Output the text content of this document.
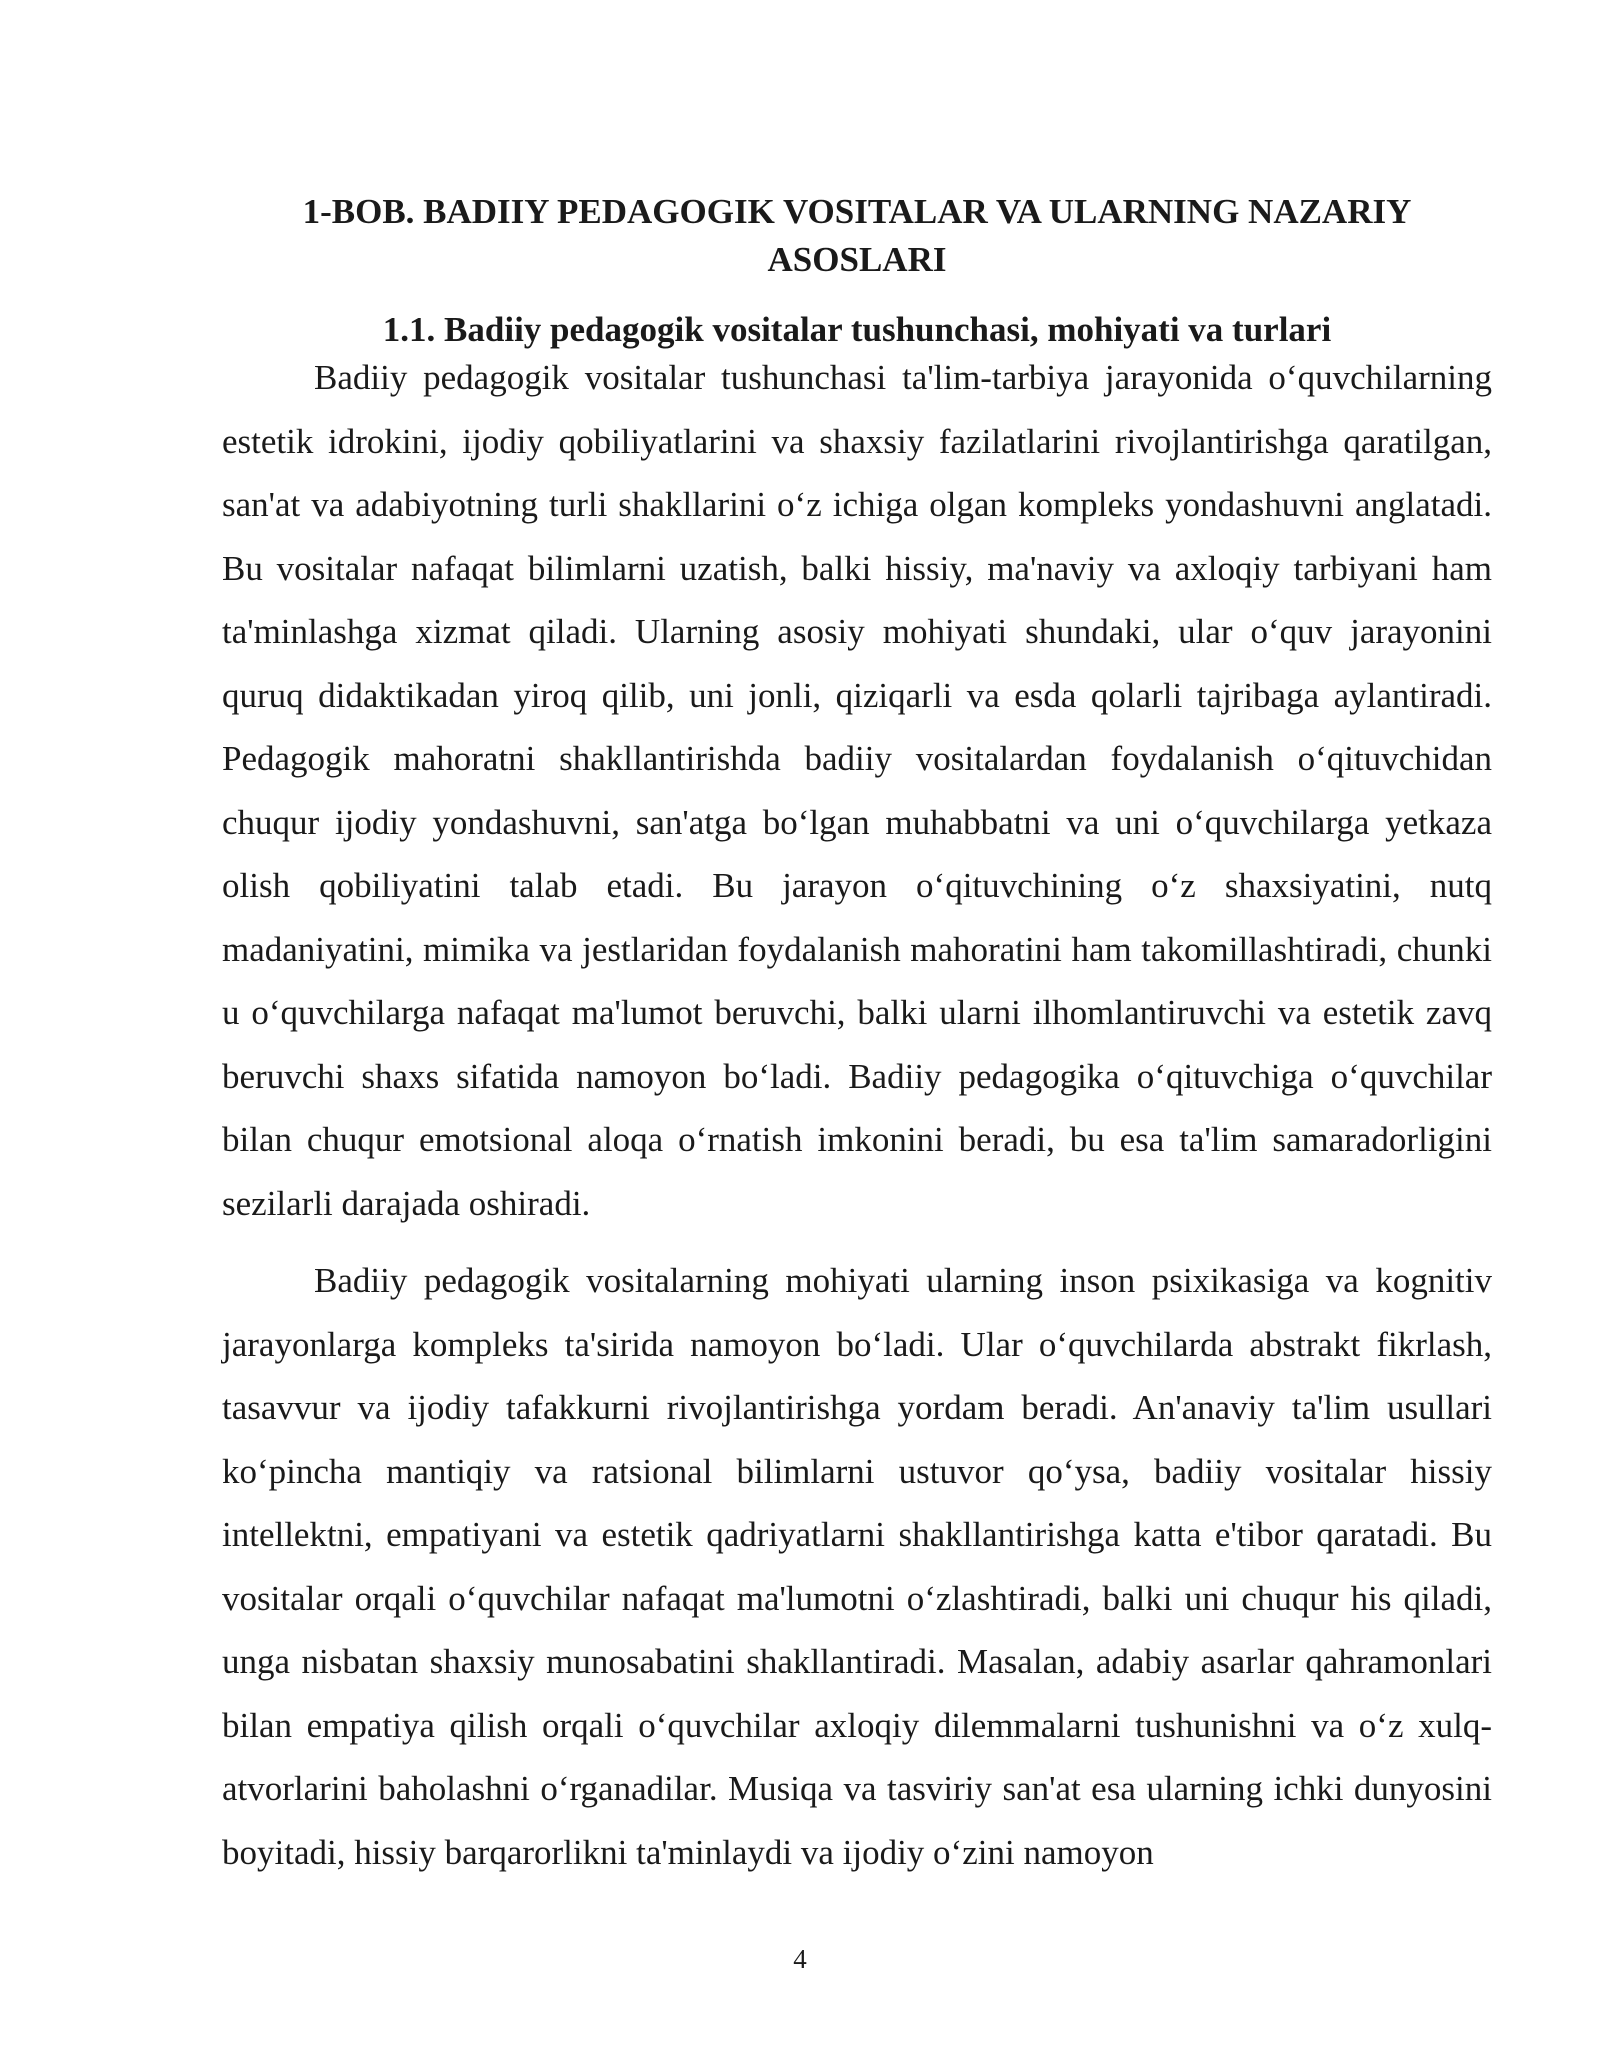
1-BOB. BADIIY PEDAGOGIK VOSITALAR VA ULARNING NAZARIY ASOSLARI
1.1. Badiiy pedagogik vositalar tushunchasi, mohiyati va turlari

Badiiy pedagogik vositalar tushunchasi ta'lim-tarbiya jarayonida o‘quvchilarning estetik idrokini, ijodiy qobiliyatlarini va shaxsiy fazilatlarini rivojlantirishga qaratilgan, san'at va adabiyotning turli shakllarini o‘z ichiga olgan kompleks yondashuvni anglatadi. Bu vositalar nafaqat bilimlarni uzatish, balki hissiy, ma'naviy va axloqiy tarbiyani ham ta'minlashga xizmat qiladi. Ularning asosiy mohiyati shundaki, ular o‘quv jarayonini quruq didaktikadan yiroq qilib, uni jonli, qiziqarli va esda qolarli tajribaga aylantiradi. Pedagogik mahoratni shakllantirishda badiiy vositalardan foydalanish o‘qituvchidan chuqur ijodiy yondashuvni, san'atga bo‘lgan muhabbatni va uni o‘quvchilarga yetkaza olish qobiliyatini talab etadi. Bu jarayon o‘qituvchining o‘z shaxsiyatini, nutq madaniyatini, mimika va jestlaridan foydalanish mahoratini ham takomillashtiradi, chunki u o‘quvchilarga nafaqat ma'lumot beruvchi, balki ularni ilhomlantiruvchi va estetik zavq beruvchi shaxs sifatida namoyon bo‘ladi. Badiiy pedagogika o‘qituvchiga o‘quvchilar bilan chuqur emotsional aloqa o‘rnatish imkonini beradi, bu esa ta'lim samaradorligini sezilarli darajada oshiradi.

Badiiy pedagogik vositalarning mohiyati ularning inson psixikasiga va kognitiv jarayonlarga kompleks ta'sirida namoyon bo‘ladi. Ular o‘quvchilarda abstrakt fikrlash, tasavvur va ijodiy tafakkurni rivojlantirishga yordam beradi. An'anaviy ta'lim usullari ko‘pincha mantiqiy va ratsional bilimlarni ustuvor qo‘ysa, badiiy vositalar hissiy intellektni, empatiyani va estetik qadriyatlarni shakllantirishga katta e'tibor qaratadi. Bu vositalar orqali o‘quvchilar nafaqat ma'lumotni o‘zlashtiradi, balki uni chuqur his qiladi, unga nisbatan shaxsiy munosabatini shakllantiradi. Masalan, adabiy asarlar qahramonlari bilan empatiya qilish orqali o‘quvchilar axloqiy dilemmalarni tushunishni va o‘z xulq-atvorlarini baholashni o‘rganadilar. Musiqa va tasviriy san'at esa ularning ichki dunyosini boyitadi, hissiy barqarorlikni ta'minlaydi va ijodiy o‘zini namoyon

4
